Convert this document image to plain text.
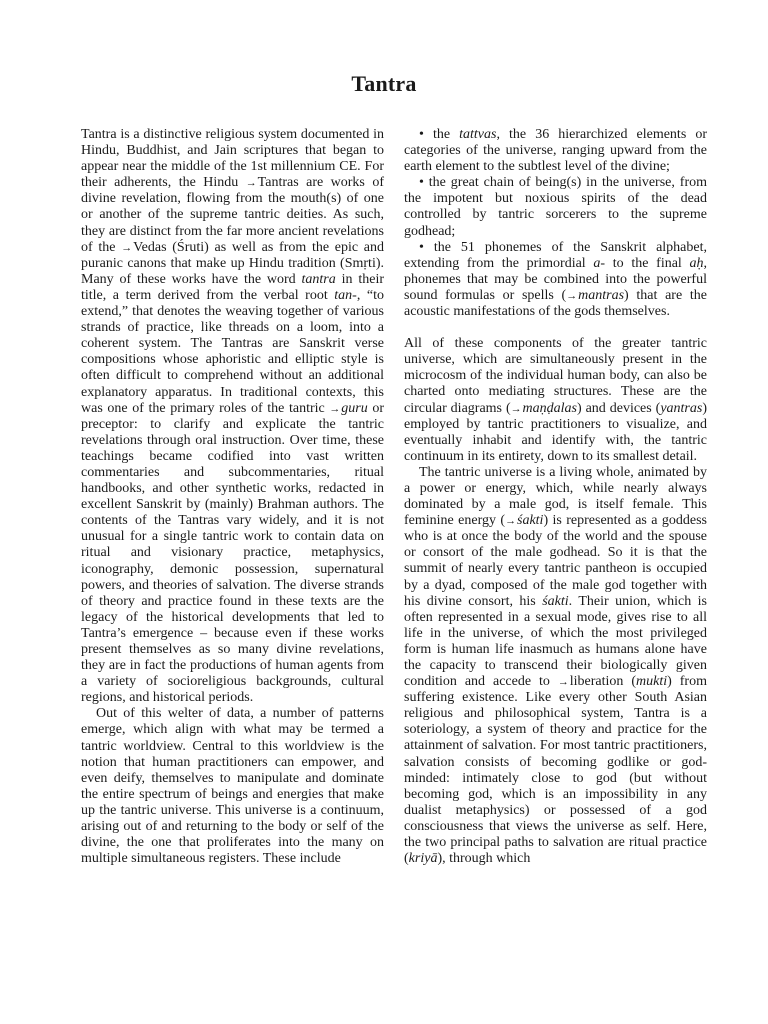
Tantra

Tantra is a distinctive religious system documented in Hindu, Buddhist, and Jain scriptures that began to appear near the middle of the 1st millennium CE. For their adherents, the Hindu → Tantras are works of divine revelation, flowing from the mouth(s) of one or another of the supreme tantric deities. As such, they are distinct from the far more ancient revelations of the → Vedas (Śruti) as well as from the epic and puranic canons that make up Hindu tradition (Smṛti). Many of these works have the word tantra in their title, a term derived from the verbal root tan-, “to extend,” that denotes the weaving together of various strands of practice, like threads on a loom, into a coherent system. The Tantras are Sanskrit verse compositions whose aphoristic and elliptic style is often difficult to comprehend without an additional explanatory apparatus. In traditional contexts, this was one of the primary roles of the tantric → guru or preceptor: to clarify and explicate the tantric revelations through oral instruction. Over time, these teachings became codified into vast written commentaries and subcommentaries, ritual handbooks, and other synthetic works, redacted in excellent Sanskrit by (mainly) Brahman authors. The contents of the Tantras vary widely, and it is not unusual for a single tantric work to contain data on ritual and visionary practice, metaphysics, iconography, demonic possession, supernatural powers, and theories of salvation. The diverse strands of theory and practice found in these texts are the legacy of the historical developments that led to Tantra’s emergence – because even if these works present themselves as so many divine revelations, they are in fact the productions of human agents from a variety of socioreligious backgrounds, cultural regions, and historical periods.

Out of this welter of data, a number of patterns emerge, which align with what may be termed a tantric worldview. Central to this worldview is the notion that human practitioners can empower, and even deify, themselves to manipulate and dominate the entire spectrum of beings and energies that make up the tantric universe. This universe is a continuum, arising out of and returning to the body or self of the divine, the one that proliferates into the many on multiple simultaneous registers. These include

• the tattvas, the 36 hierarchized elements or categories of the universe, ranging upward from the earth element to the subtlest level of the divine;

• the great chain of being(s) in the universe, from the impotent but noxious spirits of the dead controlled by tantric sorcerers to the supreme godhead;

• the 51 phonemes of the Sanskrit alphabet, extending from the primordial a- to the final aḥ, phonemes that may be combined into the powerful sound formulas or spells (→ mantras) that are the acoustic manifestations of the gods themselves.

All of these components of the greater tantric universe, which are simultaneously present in the microcosm of the individual human body, can also be charted onto mediating structures. These are the circular diagrams (→ maṇḍalas) and devices (yantras) employed by tantric practitioners to visualize, and eventually inhabit and identify with, the tantric continuum in its entirety, down to its smallest detail.

The tantric universe is a living whole, animated by a power or energy, which, while nearly always dominated by a male god, is itself female. This feminine energy (→ śakti) is represented as a goddess who is at once the body of the world and the spouse or consort of the male godhead. So it is that the summit of nearly every tantric pantheon is occupied by a dyad, composed of the male god together with his divine consort, his śakti. Their union, which is often represented in a sexual mode, gives rise to all life in the universe, of which the most privileged form is human life inasmuch as humans alone have the capacity to transcend their biologically given condition and accede to → liberation (mukti) from suffering existence. Like every other South Asian religious and philosophical system, Tantra is a soteriology, a system of theory and practice for the attainment of salvation. For most tantric practitioners, salvation consists of becoming godlike or god-minded: intimately close to god (but without becoming god, which is an impossibility in any dualist metaphysics) or possessed of a god consciousness that views the universe as self. Here, the two principal paths to salvation are ritual practice (kriyā), through which
